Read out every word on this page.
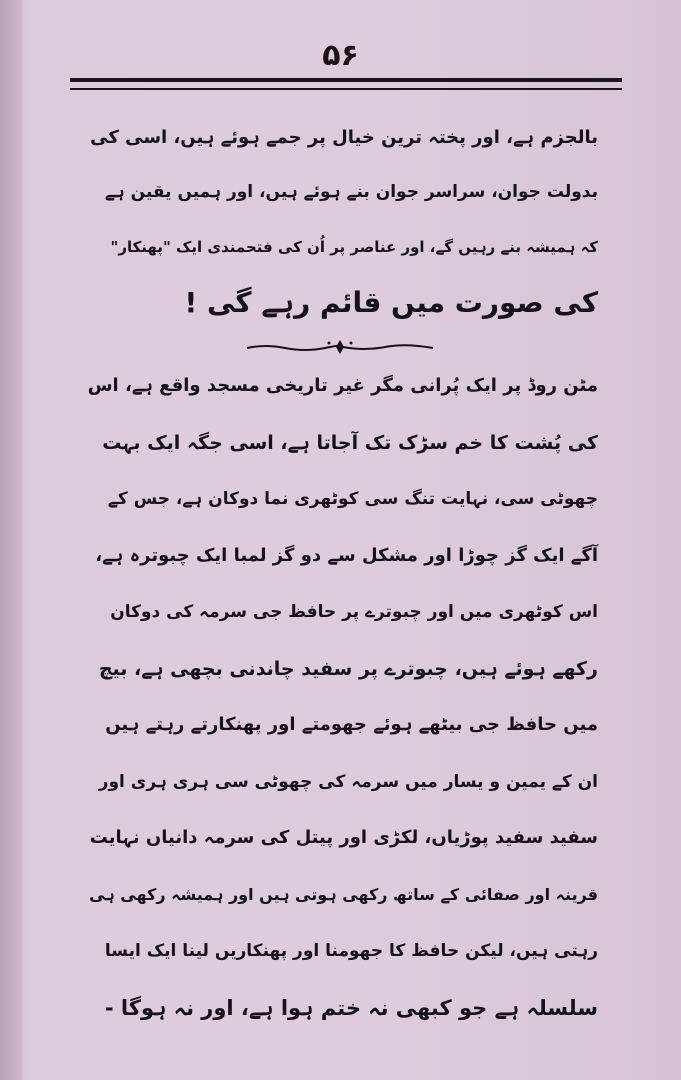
۵۶
بالجزم ہے، اور پختہ ترین خیال پر جمے ہوئے ہیں، اسی کی
بدولت جوان، سراسر جوان بنے ہوئے ہیں، اور ہمیں یقین ہے
کہ ہمیشہ بنے رہیں گے، اور عناصر پر اُن کی فتحمندی ایک "پھنکار"
کی صورت میں قائم رہے گی !
مٹن روڈ پر ایک پُرانی مگر غیر تاریخی مسجد واقع ہے، اس
کی پُشت کا خم سڑک تک آجاتا ہے، اسی جگہ ایک بہت
چھوٹی سی، نہایت تنگ سی کوٹھری نما دوکان ہے، جس کے
آگے ایک گز چوڑا اور مشکل سے دو گز لمبا ایک چبوترہ ہے،
اس کوٹھری میں اور چبوترے پر حافظ جی سرمہ کی دوکان
رکھے ہوئے ہیں، چبوترے پر سفید چاندنی بچھی ہے، بیچ
میں حافظ جی بیٹھے ہوئے جھومتے اور پھنکارتے رہتے ہیں
ان کے یمین و یسار میں سرمہ کی چھوٹی سی ہری ہری اور
سفید سفید پوڑیاں، لکڑی اور پیتل کی سرمہ دانیاں نہایت
قرینہ اور صفائی کے ساتھ رکھی ہوتی ہیں اور ہمیشہ رکھی ہی
رہتی ہیں، لیکن حافظ کا جھومنا اور پھنکاریں لینا ایک ایسا
سلسلہ ہے جو کبھی نہ ختم ہوا ہے، اور نہ ہوگا -
